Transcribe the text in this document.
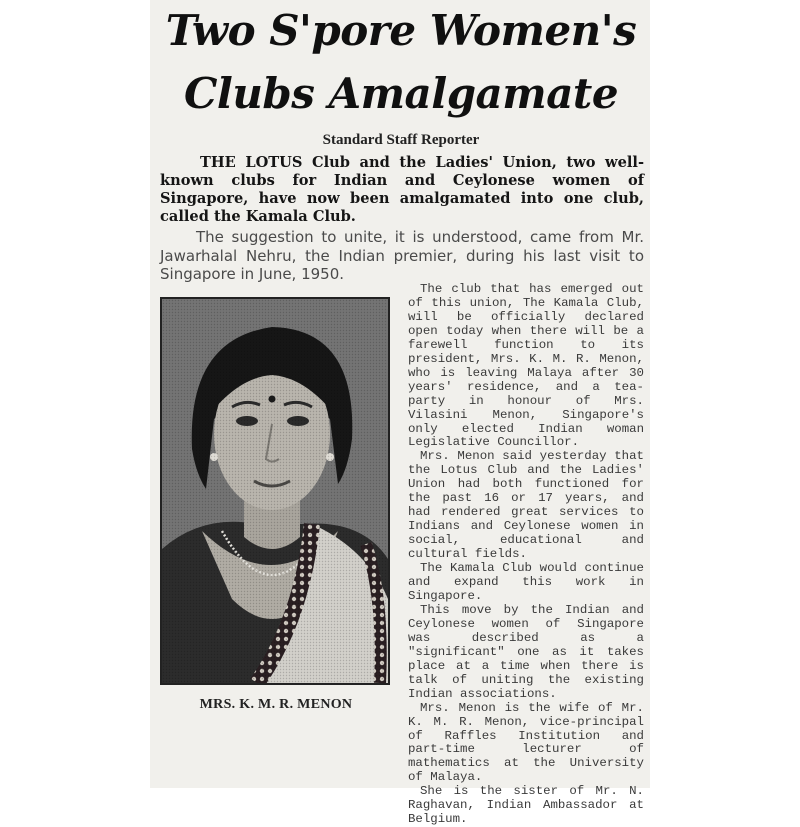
Two S'pore Women's
Clubs Amalgamate
Standard Staff Reporter

THE LOTUS Club and the Ladies' Union, two well-known clubs for Indian and Ceylonese women of Singapore, have now been amalgamated into one club, called the Kamala Club.

The suggestion to unite, it is understood, came from Mr. Jawarhalal Nehru, the Indian premier, during his last visit to Singapore in June, 1950.

MRS. K. M. R. MENON

The club that has emerged out of this union, The Kamala Club, will be officially declared open today when there will be a farewell function to its president, Mrs. K. M. R. Menon, who is leaving Malaya after 30 years' residence, and a tea-party in honour of Mrs. Vilasini Menon, Singapore's only elected Indian woman Legislative Councillor.

Mrs. Menon said yesterday that the Lotus Club and the Ladies' Union had both functioned for the past 16 or 17 years, and had rendered great services to Indians and Ceylonese women in social, educational and cultural fields.

The Kamala Club would continue and expand this work in Singapore.

This move by the Indian and Ceylonese women of Singapore was described as a "significant" one as it takes place at a time when there is talk of uniting the existing Indian associations.

Mrs. Menon is the wife of Mr. K. M. R. Menon, vice-principal of Raffles Institution and part-time lecturer of mathematics at the University of Malaya.

She is the sister of Mr. N. Raghavan, Indian Ambassador at Belgium.
